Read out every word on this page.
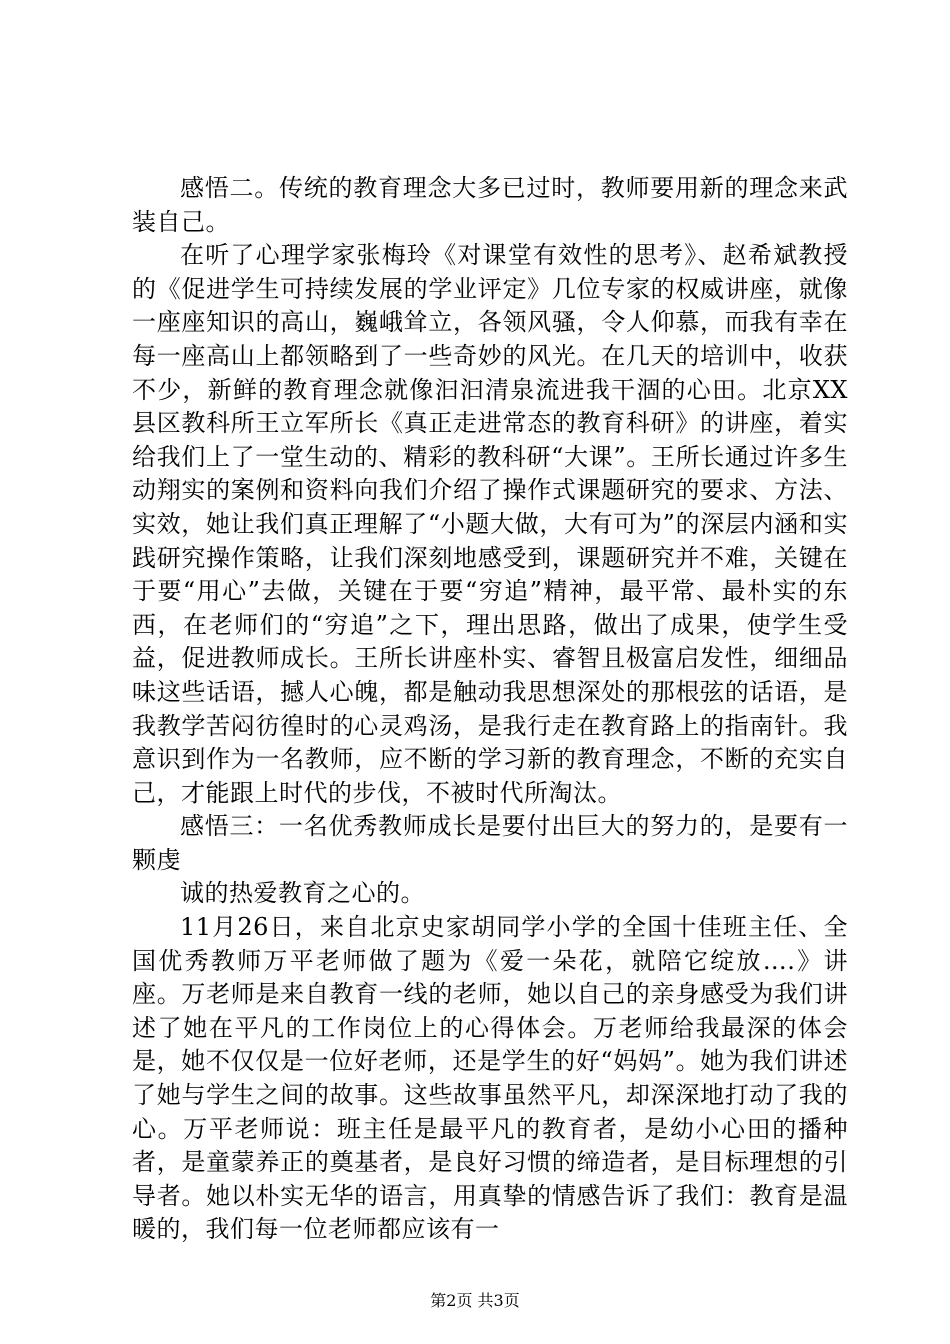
感悟二。传统的教育理念大多已过时，教师要用新的理念来武装自己。

在听了心理学家张梅玲《对课堂有效性的思考》、赵希斌教授的《促进学生可持续发展的学业评定》几位专家的权威讲座，就像一座座知识的高山，巍峨耸立，各领风骚，令人仰慕，而我有幸在每一座高山上都领略到了一些奇妙的风光。在几天的培训中，收获不少，新鲜的教育理念就像汩汩清泉流进我干涸的心田。北京XX县区教科所王立军所长《真正走进常态的教育科研》的讲座，着实给我们上了一堂生动的、精彩的教科研“大课”。王所长通过许多生动翔实的案例和资料向我们介绍了操作式课题研究的要求、方法、实效，她让我们真正理解了“小题大做，大有可为”的深层内涵和实践研究操作策略，让我们深刻地感受到，课题研究并不难，关键在于要“用心”去做，关键在于要“穷追”精神，最平常、最朴实的东西，在老师们的“穷追”之下，理出思路，做出了成果，使学生受益，促进教师成长。王所长讲座朴实、睿智且极富启发性，细细品味这些话语，撼人心魄，都是触动我思想深处的那根弦的话语，是我教学苦闷彷徨时的心灵鸡汤，是我行走在教育路上的指南针。我意识到作为一名教师，应不断的学习新的教育理念，不断的充实自己，才能跟上时代的步伐，不被时代所淘汰。

感悟三：一名优秀教师成长是要付出巨大的努力的，是要有一颗虔

诚的热爱教育之心的。

11月26日，来自北京史家胡同学小学的全国十佳班主任、全国优秀教师万平老师做了题为《爱一朵花，就陪它绽放….》讲座。万老师是来自教育一线的老师，她以自己的亲身感受为我们讲述了她在平凡的工作岗位上的心得体会。万老师给我最深的体会是，她不仅仅是一位好老师，还是学生的好“妈妈”。她为我们讲述了她与学生之间的故事。这些故事虽然平凡，却深深地打动了我的心。万平老师说：班主任是最平凡的教育者，是幼小心田的播种者，是童蒙养正的奠基者，是良好习惯的缔造者，是目标理想的引导者。她以朴实无华的语言，用真挚的情感告诉了我们：教育是温暖的，我们每一位老师都应该有一

第2页 共3页
